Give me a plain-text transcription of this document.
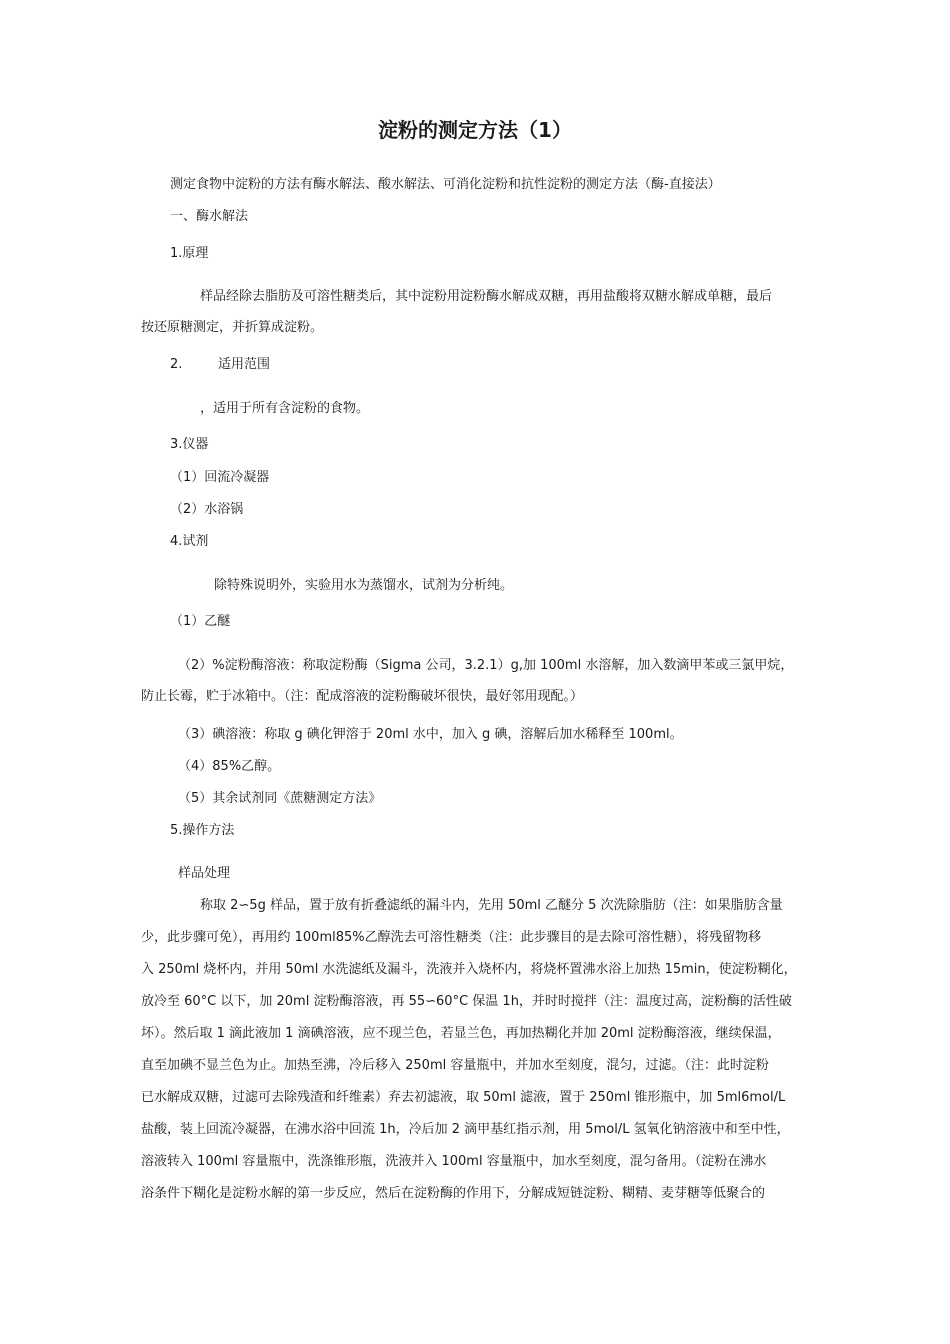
淀粉的测定方法（1）

测定食物中淀粉的方法有酶水解法、酸水解法、可消化淀粉和抗性淀粉的测定方法（酶-直接法）

一、酶水解法

1.原理

样品经除去脂肪及可溶性糖类后，其中淀粉用淀粉酶水解成双糖，再用盐酸将双糖水解成单糖，最后

按还原糖测定，并折算成淀粉。

2.	适用范围

，适用于所有含淀粉的食物。

3.仪器

（1）回流冷凝器

（2）水浴锅

4.试剂

除特殊说明外，实验用水为蒸馏水，试剂为分析纯。

（1）乙醚

（2）%淀粉酶溶液：称取淀粉酶（Sigma 公司，3.2.1）g,加 100ml 水溶解，加入数滴甲苯或三氯甲烷，

防止长霉，贮于冰箱中。（注：配成溶液的淀粉酶破坏很快，最好邻用现配。）

（3）碘溶液：称取 g 碘化钾溶于 20ml 水中，加入 g 碘，溶解后加水稀释至 100ml。

（4）85%乙醇。

（5）其余试剂同《蔗糖测定方法》

5.操作方法

样品处理

称取 2∽5g 样品，置于放有折叠滤纸的漏斗内，先用 50ml 乙醚分 5 次洗除脂肪（注：如果脂肪含量

少，此步骤可免），再用约 100ml85%乙醇洗去可溶性糖类（注：此步骤目的是去除可溶性糖），将残留物移

入 250ml 烧杯内，并用 50ml 水洗滤纸及漏斗，洗液并入烧杯内，将烧杯置沸水浴上加热 15min，使淀粉糊化，

放冷至 60°C 以下，加 20ml 淀粉酶溶液，再 55∽60°C 保温 1h，并时时搅拌（注：温度过高，淀粉酶的活性破

坏）。然后取 1 滴此液加 1 滴碘溶液，应不现兰色，若显兰色，再加热糊化并加 20ml 淀粉酶溶液，继续保温，

直至加碘不显兰色为止。加热至沸，冷后移入 250ml 容量瓶中，并加水至刻度，混匀，过滤。（注：此时淀粉

已水解成双糖，过滤可去除残渣和纤维素）弃去初滤液，取 50ml 滤液，置于 250ml 锥形瓶中，加 5ml6mol/L

盐酸，装上回流冷凝器，在沸水浴中回流 1h，冷后加 2 滴甲基红指示剂，用 5mol/L 氢氧化钠溶液中和至中性，

溶液转入 100ml 容量瓶中，洗涤锥形瓶，洗液并入 100ml 容量瓶中，加水至刻度，混匀备用。（淀粉在沸水

浴条件下糊化是淀粉水解的第一步反应，然后在淀粉酶的作用下，分解成短链淀粉、糊精、麦芽糖等低聚合的
